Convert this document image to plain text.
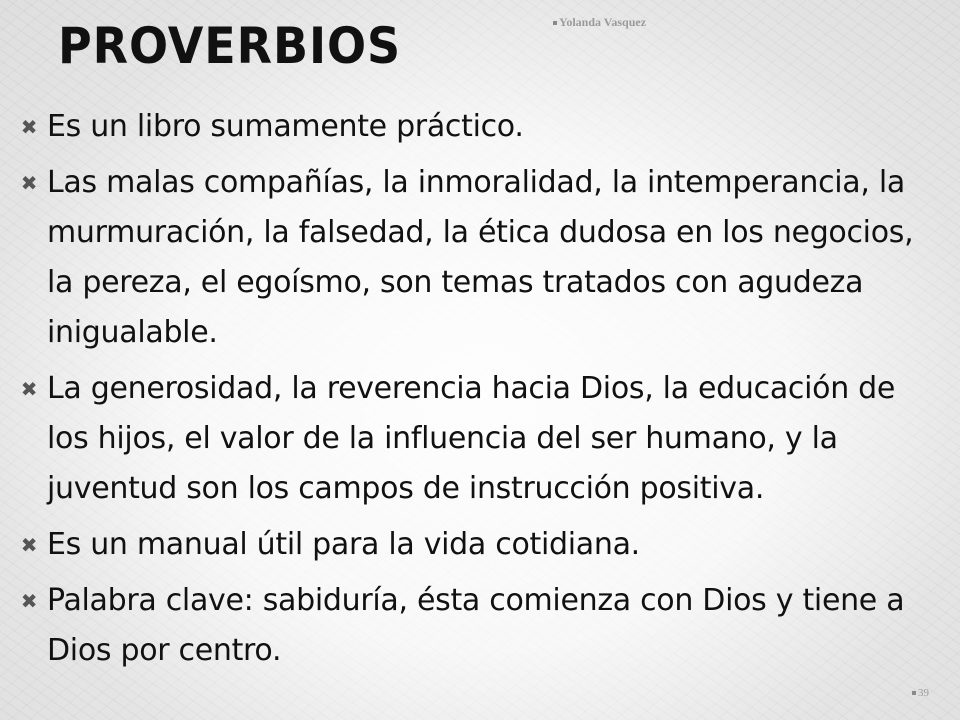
PROVERBIOS	Yolanda Vasquez
✖ Es un libro sumamente práctico.
✖ Las malas compañías, la inmoralidad, la intemperancia, la murmuración, la falsedad, la ética dudosa en los negocios, la pereza, el egoísmo, son temas tratados con agudeza inigualable.
✖ La generosidad, la reverencia hacia Dios, la educación de los hijos, el valor de la influencia del ser humano, y la juventud son los campos de instrucción positiva.
✖ Es un manual útil para la vida cotidiana.
✖ Palabra clave: sabiduría, ésta comienza con Dios y tiene a Dios por centro.
39
